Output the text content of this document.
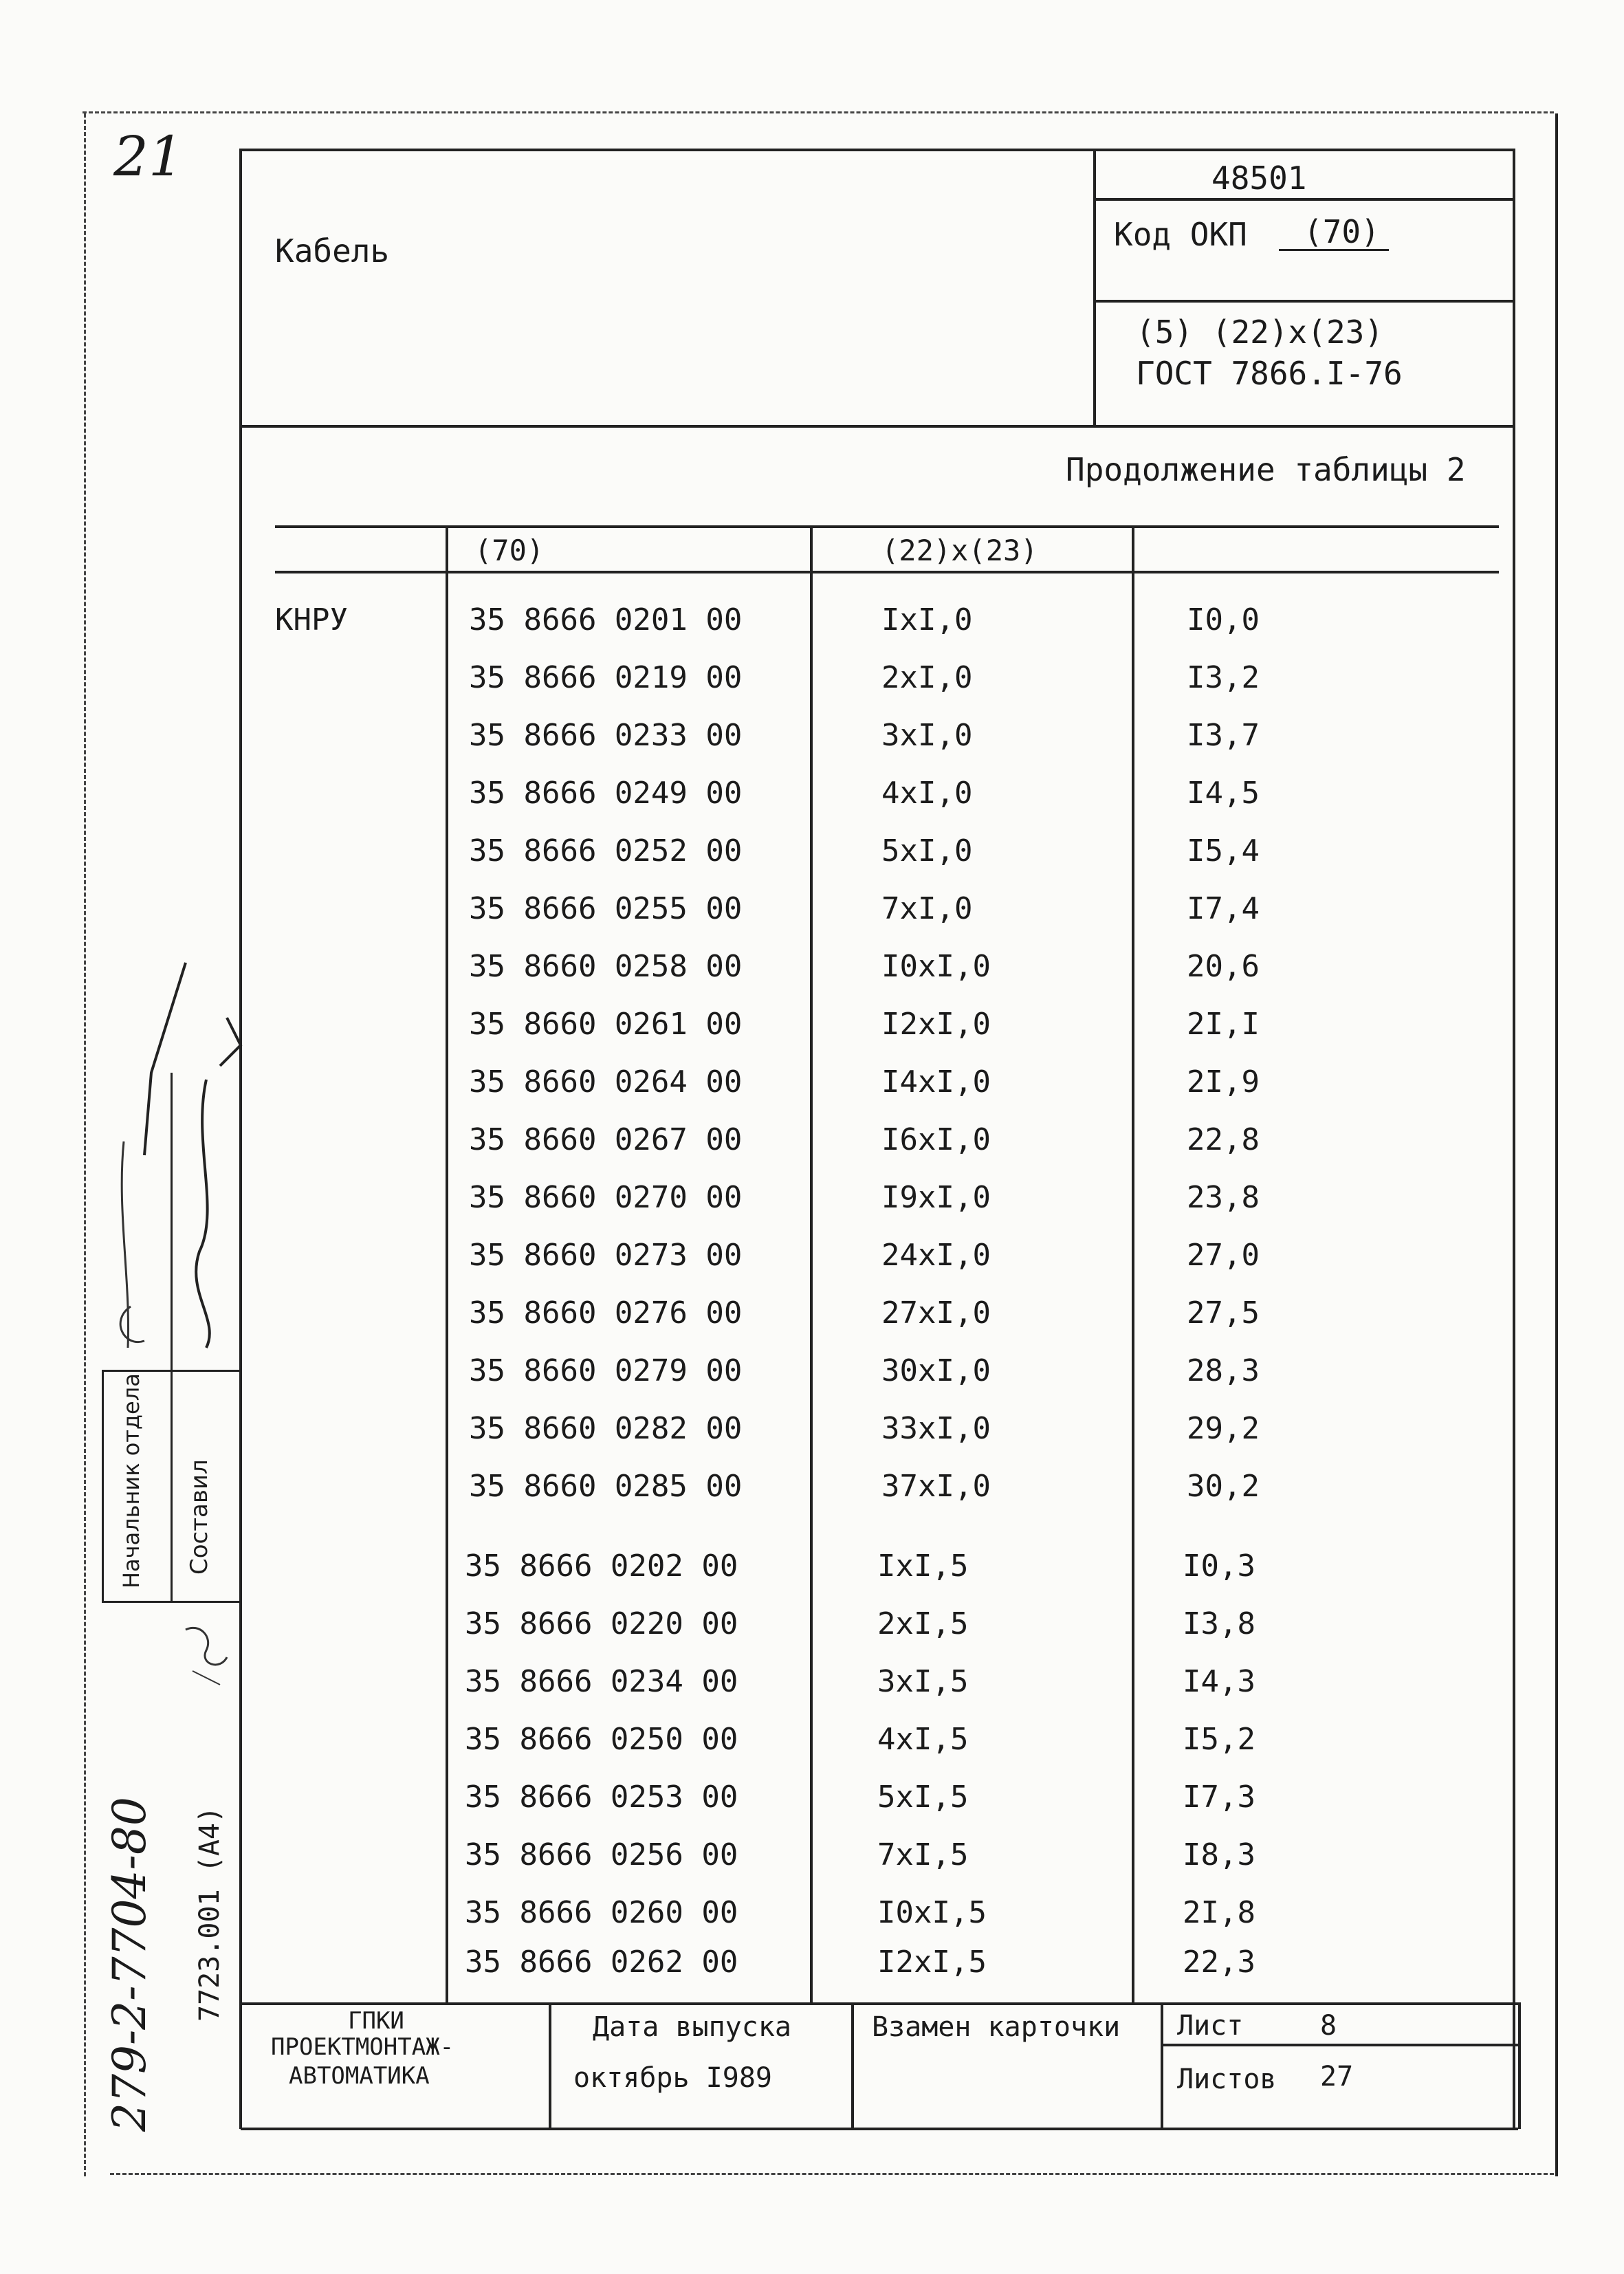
21
Кабель
48501
Код ОКП (70)
(5) (22)x(23)
ГОСТ 7866.I-76
Продолжение таблицы 2
(70)	(22)x(23)
КНРУ	35 8666 0201 00	IxI,0	I0,0
35 8666 0219 00	2xI,0	I3,2
35 8666 0233 00	3xI,0	I3,7
35 8666 0249 00	4xI,0	I4,5
35 8666 0252 00	5xI,0	I5,4
35 8666 0255 00	7xI,0	I7,4
35 8660 0258 00	I0xI,0	20,6
35 8660 0261 00	I2xI,0	2I,I
35 8660 0264 00	I4xI,0	2I,9
35 8660 0267 00	I6xI,0	22,8
35 8660 0270 00	I9xI,0	23,8
35 8660 0273 00	24xI,0	27,0
35 8660 0276 00	27xI,0	27,5
35 8660 0279 00	30xI,0	28,3
35 8660 0282 00	33xI,0	29,2
35 8660 0285 00	37xI,0	30,2
35 8666 0202 00	IxI,5	I0,3
35 8666 0220 00	2xI,5	I3,8
35 8666 0234 00	3xI,5	I4,3
35 8666 0250 00	4xI,5	I5,2
35 8666 0253 00	5xI,5	I7,3
35 8666 0256 00	7xI,5	I8,3
35 8666 0260 00	I0xI,5	2I,8
35 8666 0262 00	I2xI,5	22,3
ГПКИ
ПРОЕКТМОНТАЖ-
АВТОМАТИКА
Дата выпуска
октябрь I989
Взамен карточки Лист	8
Листов 27
Начальник отдела Составил
7723.001 (A4)
279-2-7704-80
